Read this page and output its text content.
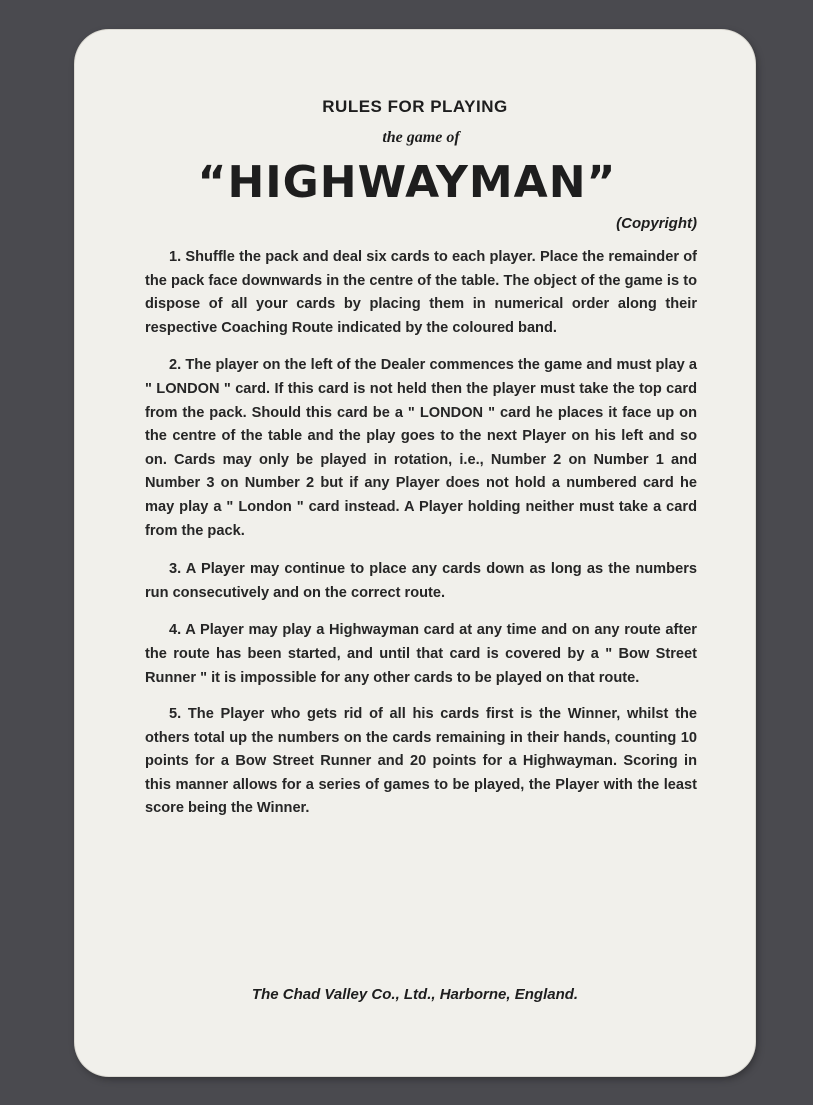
RULES FOR PLAYING
the game of
“HIGHWAYMAN”
(Copyright)

1. Shuffle the pack and deal six cards to each player. Place the remainder of the pack face downwards in the centre of the table. The object of the game is to dispose of all your cards by placing them in numerical order along their respective Coaching Route indicated by the coloured band.

2. The player on the left of the Dealer commences the game and must play a " LONDON " card. If this card is not held then the player must take the top card from the pack. Should this card be a " LONDON " card he places it face up on the centre of the table and the play goes to the next Player on his left and so on. Cards may only be played in rotation, i.e., Number 2 on Number 1 and Number 3 on Number 2 but if any Player does not hold a numbered card he may play a " London " card instead. A Player holding neither must take a card from the pack.

3. A Player may continue to place any cards down as long as the numbers run consecutively and on the correct route.

4. A Player may play a Highwayman card at any time and on any route after the route has been started, and until that card is covered by a " Bow Street Runner " it is impossible for any other cards to be played on that route.

5. The Player who gets rid of all his cards first is the Winner, whilst the others total up the numbers on the cards remaining in their hands, counting 10 points for a Bow Street Runner and 20 points for a Highwayman. Scoring in this manner allows for a series of games to be played, the Player with the least score being the Winner.

The Chad Valley Co., Ltd., Harborne, England.
